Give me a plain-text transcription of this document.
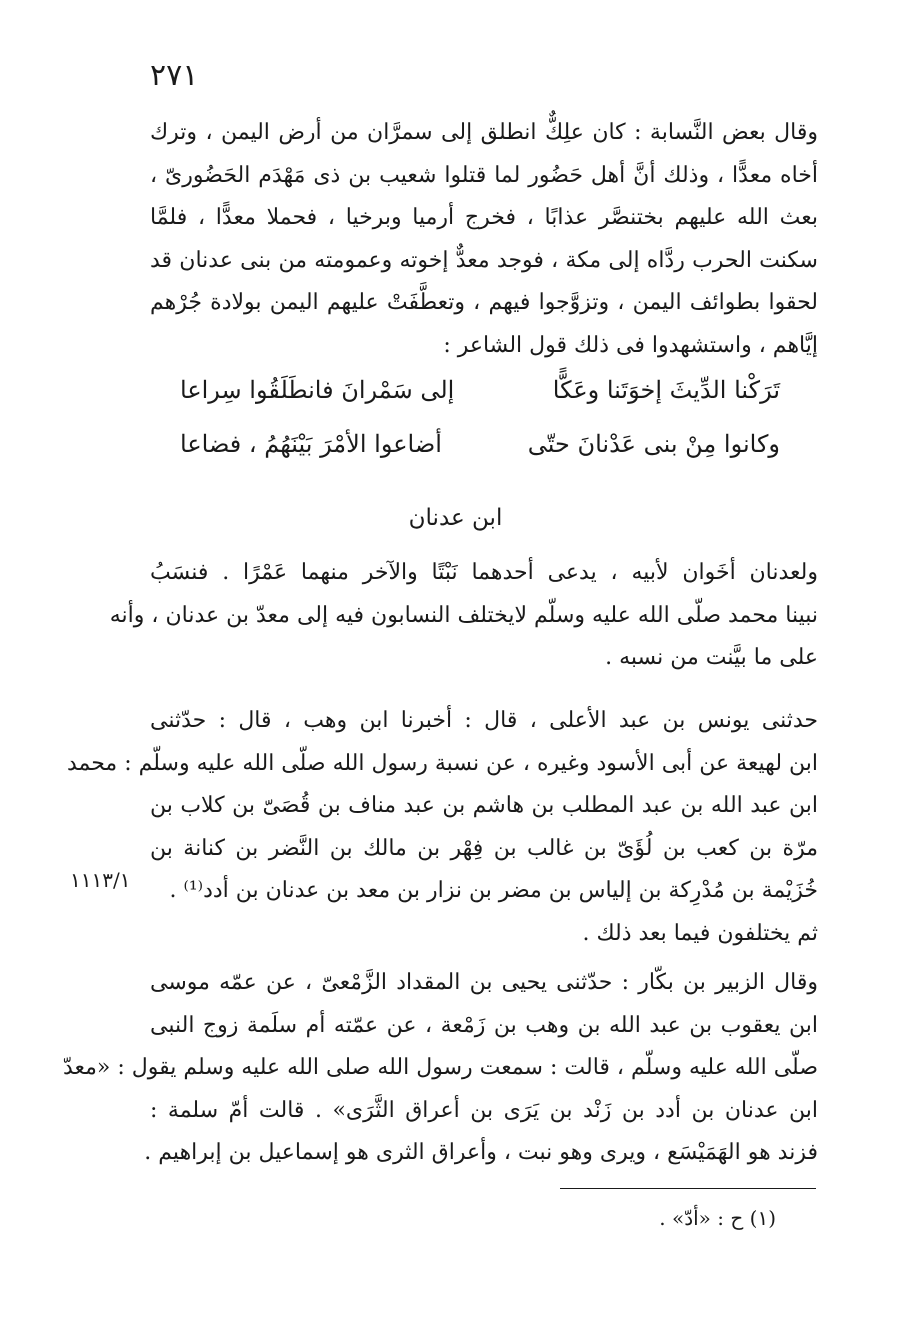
٢٧١
وقال بعض النَّسابة : كان علِكٌّ انطلق إلى سمرَّان من أرض اليمن ، وترك
أخاه معدًّا ، وذلك أنَّ أهل حَضُور لما قتلوا شعيب بن ذى مَهْدَم الحَضُورىّ ،
بعث الله عليهم بختنصَّر عذابًا ، فخرج أرميا وبرخيا ، فحملا معدًّا ، فلمَّا
سكنت الحرب ردَّاه إلى مكة ، فوجد معدٌّ إخوته وعمومته من بنى عدنان قد
لحقوا بطوائف اليمن ، وتزوَّجوا فيهم ، وتعطَّفَتْ عليهم اليمن بولادة جُرْهم
إيَّاهم ، واستشهدوا فى ذلك قول الشاعر :
تَرَكْنا الدِّيثَ إخوَتَنا وعَكًّا
إلى سَمْرانَ فانطَلَقُوا سِراعا
وكانوا مِنْ بنى عَدْنانَ حتّى
أضاعوا الأمْرَ بَيْنَهُمُ ، فضاعا
ابن عدنان
ولعدنان أخَوان لأبيه ، يدعى أحدهما نَبْتًا والآخر منهما عَمْرًا . فنسَبُ
نبينا محمد صلّى الله عليه وسلّم لايختلف النسابون فيه إلى معدّ بن عدنان ، وأنه
على ما بيَّنت من نسبه .
حدثنى يونس بن عبد الأعلى ، قال : أخبرنا ابن وهب ، قال : حدّثنى
ابن لهيعة عن أبى الأسود وغيره ، عن نسبة رسول الله صلّى الله عليه وسلّم : محمد
ابن عبد الله بن عبد المطلب بن هاشم بن عبد مناف بن قُصَىّ بن كلاب بن
مرّة بن كعب بن لُؤَىّ بن غالب بن فِهْر بن مالك بن النَّضر بن كنانة بن
خُزَيْمة بن مُدْرِكة بن إلياس بن مضر بن نزار بن معد بن عدنان بن أدد⁽¹⁾ .
ثم يختلفون فيما بعد ذلك .
١١١٣/١
وقال الزبير بن بكّار : حدّثنى يحيى بن المقداد الزَّمْعىّ ، عن عمّه موسى
ابن يعقوب بن عبد الله بن وهب بن زَمْعة ، عن عمّته أم سلَمة زوج النبى
صلّى الله عليه وسلّم ، قالت : سمعت رسول الله صلى الله عليه وسلم يقول : «معدّ
ابن عدنان بن أدد بن زَنْد بن يَرَى بن أعراق الثَّرَى» . قالت أمّ سلمة :
فزند هو الهَمَيْسَع ، ويرى وهو نبت ، وأعراق الثرى هو إسماعيل بن إبراهيم .
(١) ح : «أدّ» .
